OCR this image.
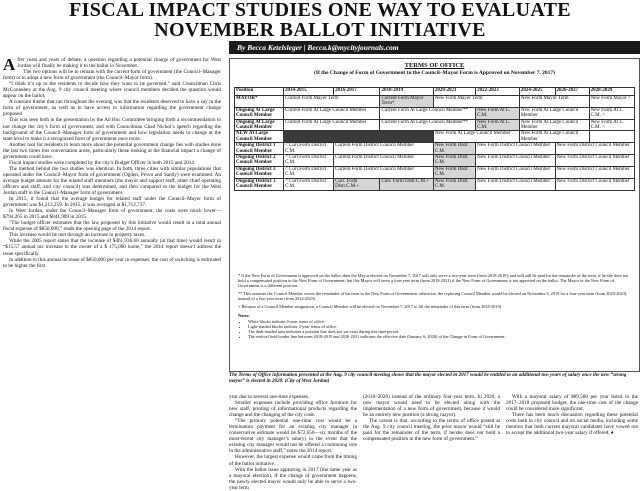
FISCAL IMPACT STUDIES ONE WAY TO EVALUATE
NOVEMBER BALLOT INITIATIVE
By Becca Ketelsleger | Becca.k@mycityjournals.com

After years and years of debate, a question regarding a potential change of government for West Jordan will finally be making it to the ballot in November.

The two options will be to remain with the current form of government (the Council–Manager form) or to adopt a new form of government (the Council–Mayor form).

“I think it’s up to the residents to decide how they want to be governed,” said Councilman Chris McConnehey at the Aug. 9 city council meeting where council members decided the question would appear on the ballot.

A constant theme that ran throughout the evening was that the residents deserved to have a say in the form of government, as well as to have access to information regarding the government change proposed.

This was seen both in the presentation by the Ad Hoc Committee bringing forth a recommendation to not change the city’s form of government, and with Councilman Chad Nichol’s speech regarding the background of the Council–Manager form of government and how legislation needs to change at the state level to make it a recognized form of government once more.

Another tool for residents to learn more about the potential government change lies with studies done the last two times this conversation arose, particularly those looking at the financial impact a change of government could have.

Fiscal impact studies were completed by the city’s Budget Officer in both 2015 and 2014.

The method behind the two studies was identical. In both, three cities with similar populations that operated under the Council–Mayor form of government (Ogden, Provo and Sandy) were examined. An average budget amount for the related staff members (the mayor and support staff, other chief operating officers and staff, and city council) was determined, and then compared to the budget for the West Jordan staff in the Council–Manager form of government.

In 2015, it found that the average budget for related staff under the Council–Mayor form of government was $1,212,259. In 2015, it was averaged at $1,712,737.

In West Jordan, under the Council–Manager form of government, the costs were much lower—$794,265 in 2015 and $841,909 in 2015.

“The budget officer estimates that the law proposed by this initiative would result in a total annual fiscal expense of $850,000,” reads the opening page of the 2014 report.

This increase would be met through an increase in property taxes.

While the 2005 report states that the increase of $461,936.60 annually (at that time) would result in “$15.57 annual tax increase to the owner of a $ 175,000 home,” the 2014 report doesn’t address the issue specifically.

In addition to this annual increase of $850,000 per year in expenses, the cost of switching is estimated to be higher the first

TERMS OF OFFICE
(If the Change of Form of Government to the Council–Mayor Form is Approved on November 7, 2017)
Position	2014-2015	2016-2017	2018-2019	2020-2021	2022-2023	2024-2025	2026-2027	2028-2029
MAYOR*	Current Form Mayor Term		Current Form Mayor Term*	New Form Mayor Term		New Form Mayor Term		New Form Mayor >
Ongoing At Large Council Member	Current Form At Large Council Member		Current Form At Large Council Member**		New Form At L. C.M.	New Form At Large Council Member		New Form At L. C.M. >
Ongoing At Large Council Member	Current Form At Large Council Member		Current Form At Large Council Member**		New Form At L. C.M.	New Form At Large Council Member		New Form At L. C.M. >
NEW At Large Council Member				New Form At Large Council Member		New Form At Large Council Member		
Ongoing District 1 Council Member	< Curr.Form District C.M.	Current Form District Council Member		New Form Distr. C.M.	New Form District Council Member		New Form District Council Member	
Ongoing District 2 Council Member	< Curr.Form District C.M.	Current Form District Council Member		New Form Distr. C.M.	New Form District Council Member		New Form District Council Member	
Ongoing District 3 Council Member	< Curr.Form District C.M.	Current Form District Council Member		New Form Distr. C.M.	New Form District Council Member		New Form District Council Member	
Ongoing District 3 Council Member	< Curr.Form District C.M.	Curr. Form Distr.C.M.+	Curr. Form Distr.C.M.+	New Form Distr. C.M.	New Form District Council Member		New Form District Council Member	

* If the New Form of Government is approved on the ballot, then the Mayor elected on November 7, 2017 will only serve a two-year term (from 2018-2019), and will still be paid for the remainder of the term, if he/she does not hold a compensated position in the New Form of Government; but this Mayor will serve a four-year term (from 2018-2021) if the New Form of Government is not approved on the ballot. The Mayor in the New Form of Government is a different position.

** This assumes the Council Member serves the remainder of his term in the New Form of Government; otherwise, the replacing Council Member would be elected on November 5, 2019 for a four-year term (from 2020-2023), instead of a two-year term (from 2022-2023).

+ Because of a Council Member resignation, a Council Member will be elected on November 7, 2017 to fill the remainder of this term (from 2018-2019).

Notes:

• White blocks indicate 4-year terms of office.
• Light-shaded blocks indicate 2-year terms of office.
• The dark-shaded area indicates a position that does not yet exist during this time period.
• The vertical bold border line between 2018-2019 and 2020-2021 indicates the effective date (January 6, 2020) of the Change in Form of Government.
The Terms of Office information presented at the Aug. 9 city council meeting shows that the mayor elected in 2017 would be entitled to an additional two years of salary once the new “strong mayor” is elected in 2020. (City of West Jordan)

year due to several one-time expenses.

Smaller expenses include providing office furniture for new staff, printing of informational products regarding the change and the changing of the city code.

“The primary potential one-time cost would be a termination payment for an existing city manager (a conservative estimate would be $72,650—six months of the most-recent city manager’s salary) in the event that the existing city manager would not be offered a continuing role in the administrative staff,” notes the 2014 report.

However, the largest expense would come from the timing of the ballot initiative.

With the ballot issue appearing in 2017 (the same year as a mayoral election), if the change of government happens, the newly elected mayor would only be able to serve a two-year term

(2018–2020) instead of the ordinary four-year term. In 2020, a new mayor would need to be elected along with the implementation of a new form of government, because it would be an entirely new position (a strong mayor).

The caveat is that, according to the terms of office posted at the Aug. 9 city council meeting, the prior mayor would “still be paid for the remainder of the term, if he/she does not hold a compensated position in the new form of government.”

With a mayoral salary of $89,500 per year listed in the 2017–2018 proposed budget, the one-time cost of the change could be considered more significant.

There has been much discussion regarding these potential costs both in city council and on social media, including some mention that both current mayoral candidates have vowed not to accept the additional two-year salary if offered. ♦
